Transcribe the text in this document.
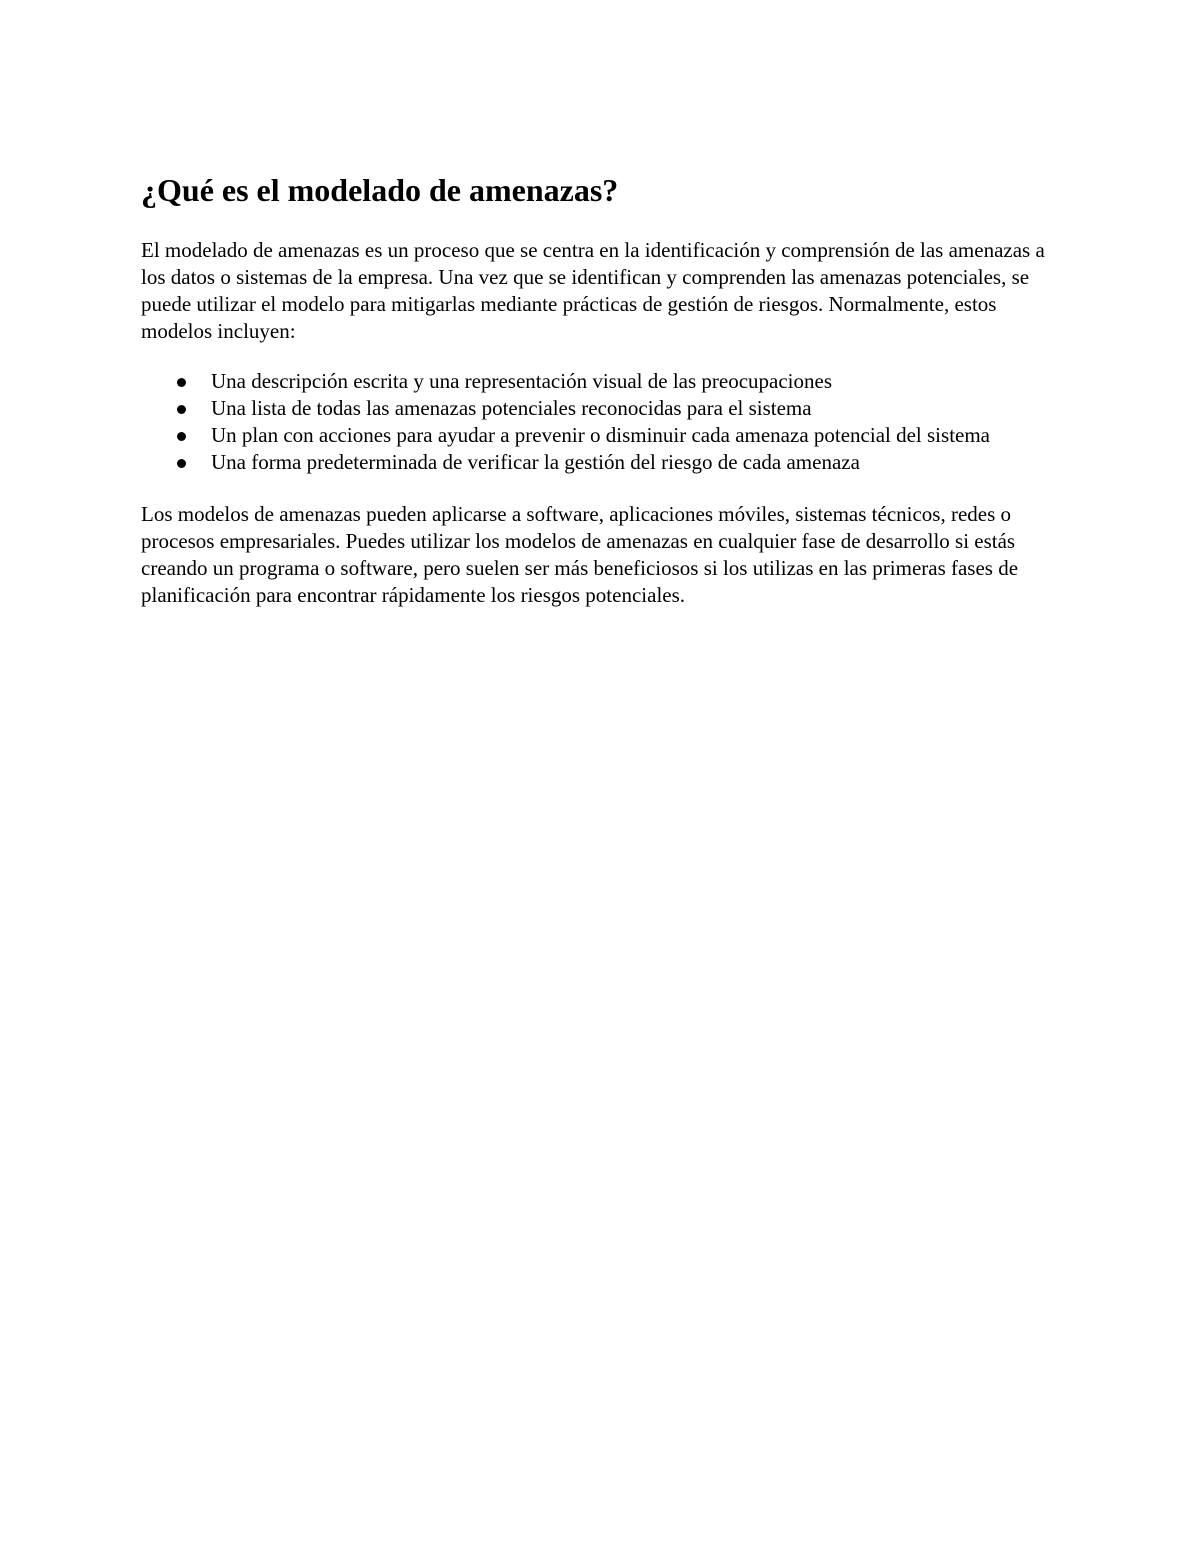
¿Qué es el modelado de amenazas?

El modelado de amenazas es un proceso que se centra en la identificación y comprensión de las amenazas a los datos o sistemas de la empresa. Una vez que se identifican y comprenden las amenazas potenciales, se puede utilizar el modelo para mitigarlas mediante prácticas de gestión de riesgos. Normalmente, estos modelos incluyen:

Una descripción escrita y una representación visual de las preocupaciones
Una lista de todas las amenazas potenciales reconocidas para el sistema
Un plan con acciones para ayudar a prevenir o disminuir cada amenaza potencial del sistema
Una forma predeterminada de verificar la gestión del riesgo de cada amenaza

Los modelos de amenazas pueden aplicarse a software, aplicaciones móviles, sistemas técnicos, redes o procesos empresariales. Puedes utilizar los modelos de amenazas en cualquier fase de desarrollo si estás creando un programa o software, pero suelen ser más beneficiosos si los utilizas en las primeras fases de planificación para encontrar rápidamente los riesgos potenciales.
